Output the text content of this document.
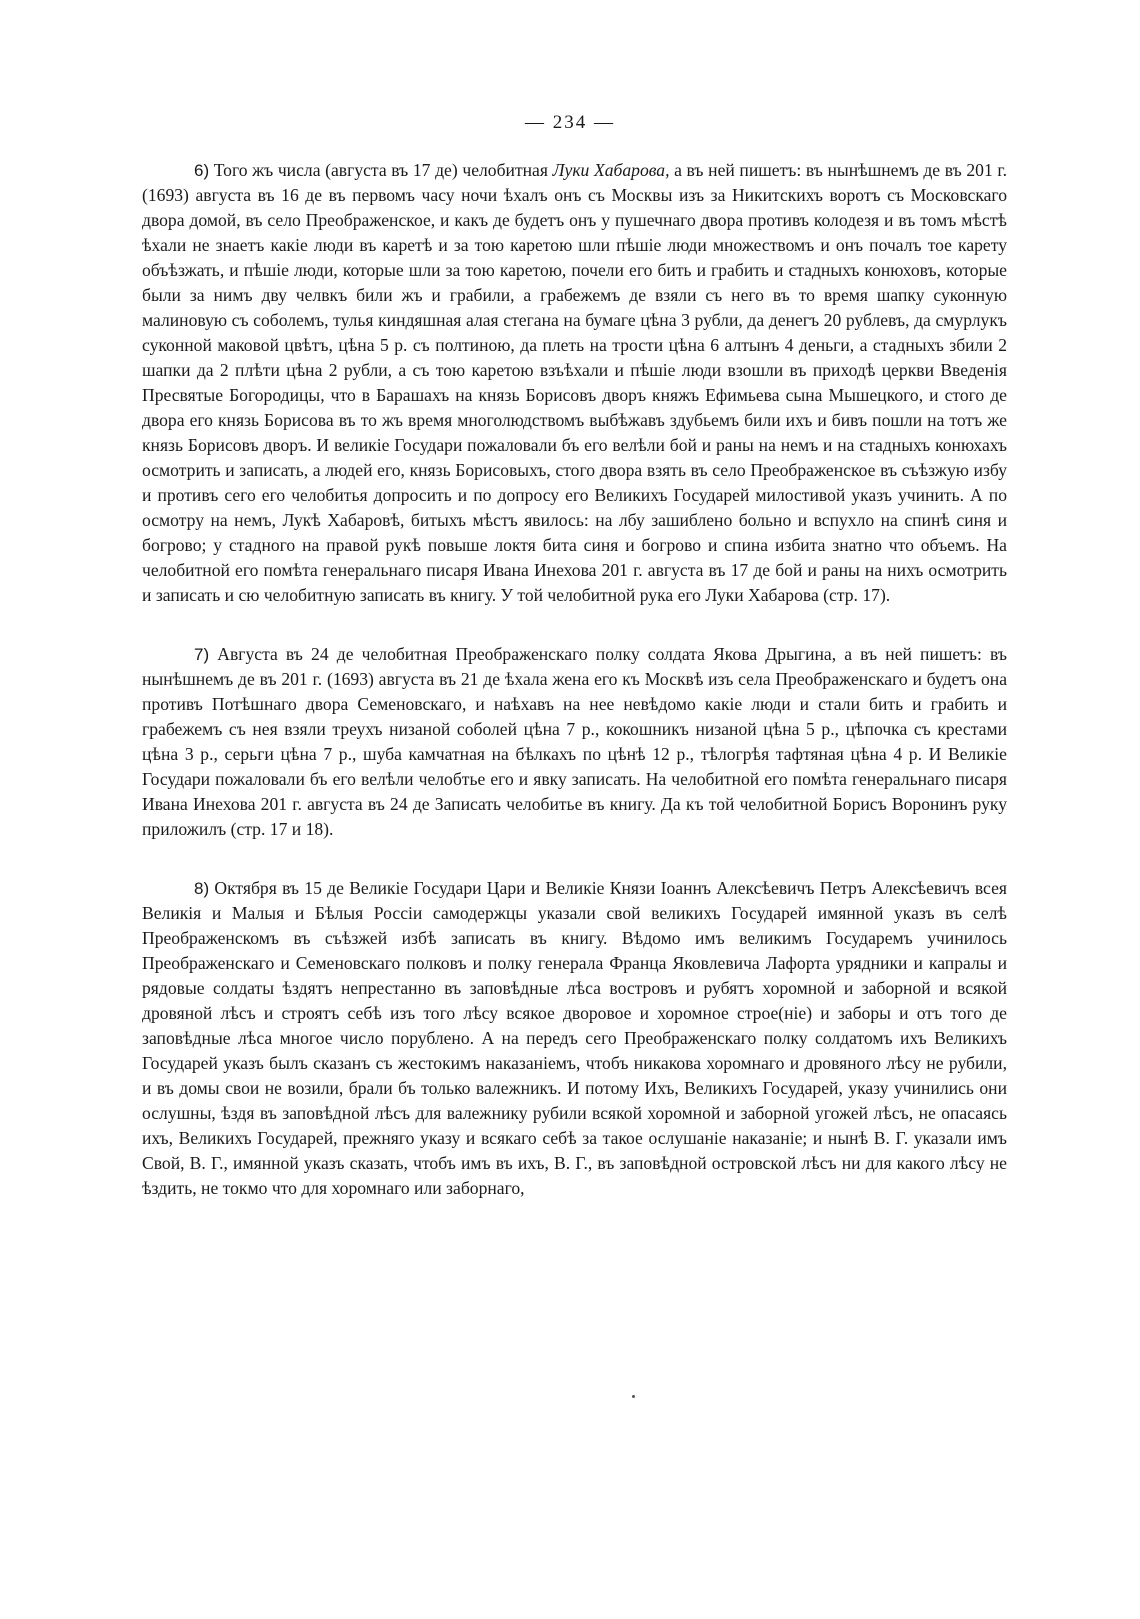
— 234 —

6) Того жъ числа (августа въ 17 де) челобитная Луки Хабарова, а въ ней пишетъ: въ нынѣшнемъ де въ 201 г. (1693) августа въ 16 де въ первомъ часу ночи ѣхалъ онъ съ Москвы изъ за Никитскихъ воротъ съ Московскаго двора домой, въ село Преображенское, и какъ де будетъ онъ у пушечнаго двора противъ колодезя и въ томъ мѣстѣ ѣхали не знаетъ какіе люди въ каретѣ и за тою каретою шли пѣшіе люди множествомъ и онъ почалъ тое карету объѣзжать, и пѣшіе люди, которые шли за тою каретою, почели его бить и грабить и стадныхъ конюховъ, которые были за нимъ дву челвкъ били жъ и грабили, а грабежемъ де взяли съ него въ то время шапку суконную малиновую съ соболемъ, тулья киндяшная алая стегана на бумаге цѣна 3 рубли, да денегъ 20 рублевъ, да смурлукъ суконной маковой цвѣтъ, цѣна 5 р. съ полтиною, да плеть на трости цѣна 6 алтынъ 4 деньги, а стадныхъ збили 2 шапки да 2 плѣти цѣна 2 рубли, а съ тою каретою взъѣхали и пѣшіе люди взошли въ приходѣ церкви Введенія Пресвятые Богородицы, что в Барашахъ на князь Борисовъ дворъ княжъ Ефимьева сына Мышецкого, и стого де двора его князь Борисова въ то жъ время многолюдствомъ выбѣжавъ здубьемъ били ихъ и бивъ пошли на тотъ же князь Борисовъ дворъ. И великіе Государи пожаловали бъ его велѣли бой и раны на немъ и на стадныхъ конюхахъ осмотрить и записать, а людей его, князь Борисовыхъ, стого двора взять въ село Преображенское въ съѣзжую избу и противъ сего его челобитья допросить и по допросу его Великихъ Государей милостивой указъ учинить. А по осмотру на немъ, Лукѣ Хабаровѣ, битыхъ мѣстъ явилось: на лбу зашиблено больно и вспухло на спинѣ синя и богрово; у стадного на правой рукѣ повыше локтя бита синя и богрово и спина избита знатно что объемъ. На челобитной его помѣта генеральнаго писаря Ивана Инехова 201 г. августа въ 17 де бой и раны на нихъ осмотрить и записать и сю челобитную записать въ книгу. У той челобитной рука его Луки Хабарова (стр. 17).

7) Августа въ 24 де челобитная Преображенскаго полку солдата Якова Дрыгина, а въ ней пишетъ: въ нынѣшнемъ де въ 201 г. (1693) августа въ 21 де ѣхала жена его къ Москвѣ изъ села Преображенскаго и будетъ она противъ Потѣшнаго двора Семеновскаго, и наѣхавъ на нее невѣдомо какіе люди и стали бить и грабить и грабежемъ съ нея взяли треухъ низаной соболей цѣна 7 р., кокошникъ низаной цѣна 5 р., цѣпочка съ крестами цѣна 3 р., серьги цѣна 7 р., шуба камчатная на бѣлкахъ по цѣнѣ 12 р., тѣлогрѣя тафтяная цѣна 4 р. И Великіе Государи пожаловали бъ его велѣли челобтье его и явку записать. На челобитной его помѣта генеральнаго писаря Ивана Инехова 201 г. августа въ 24 де Записать челобитье въ книгу. Да къ той челобитной Борисъ Воронинъ руку приложилъ (стр. 17 и 18).

8) Октября въ 15 де Великіе Государи Цари и Великіе Князи Іоаннъ Алексѣевичъ Петръ Алексѣевичъ всея Великія и Малыя и Бѣлыя Россіи самодержцы указали свой великихъ Государей имянной указъ въ селѣ Преображенскомъ въ съѣзжей избѣ записать въ книгу. Вѣдомо имъ великимъ Государемъ учинилось Преображенскаго и Семеновскаго полковъ и полку генерала Франца Яковлевича Лафорта урядники и капралы и рядовые солдаты ѣздятъ непрестанно въ заповѣдные лѣса востровъ и рубятъ хоромной и заборной и всякой дровяной лѣсъ и строятъ себѣ изъ того лѣсу всякое дворовое и хоромное строе(ніе) и заборы и отъ того де заповѣдные лѣса многое число порублено. А на передъ сего Преображенскаго полку солдатомъ ихъ Великихъ Государей указъ былъ сказанъ съ жестокимъ наказаніемъ, чтобъ никакова хоромнаго и дровяного лѣсу не рубили, и въ домы свои не возили, брали бъ только валежникъ. И потому Ихъ, Великихъ Государей, указу учинились они ослушны, ѣздя въ заповѣдной лѣсъ для валежнику рубили всякой хоромной и заборной угожей лѣсъ, не опасаясь ихъ, Великихъ Государей, прежняго указу и всякаго себѣ за такое ослушаніе наказаніе; и нынѣ В. Г. указали имъ Свой, В. Г., имянной указъ сказать, чтобъ имъ въ ихъ, В. Г., въ заповѣдной островской лѣсъ ни для какого лѣсу не ѣздить, не токмо что для хоромнаго или заборнаго,
